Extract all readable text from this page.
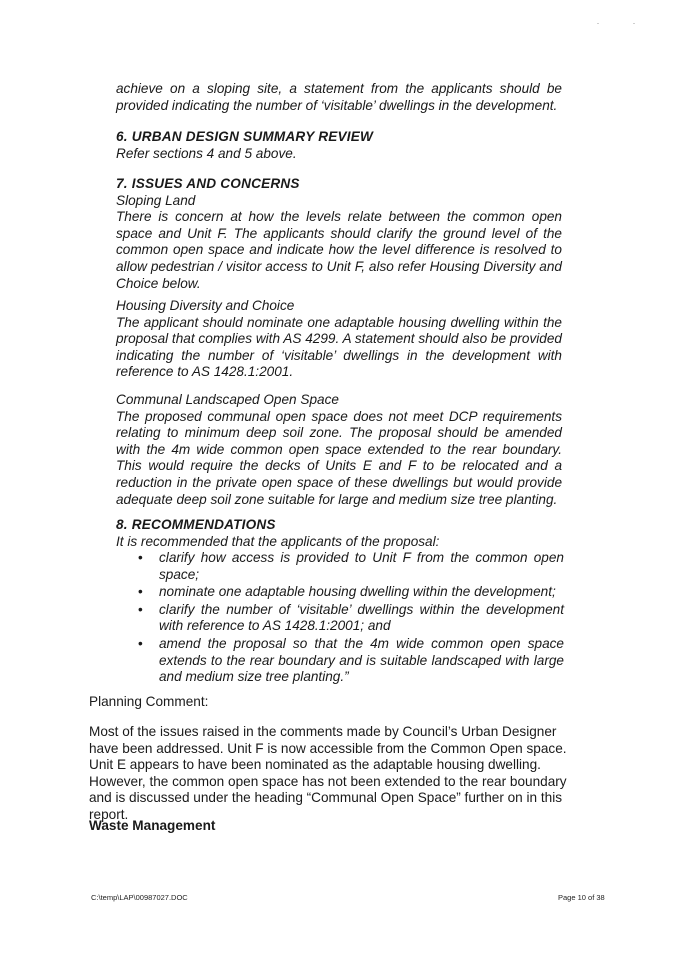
achieve on a sloping site, a statement from the applicants should be provided indicating the number of ‘visitable’ dwellings in the development.

6. URBAN DESIGN SUMMARY REVIEW

Refer sections 4 and 5 above.

7. ISSUES AND CONCERNS

Sloping Land

There is concern at how the levels relate between the common open space and Unit F. The applicants should clarify the ground level of the common open space and indicate how the level difference is resolved to allow pedestrian / visitor access to Unit F, also refer Housing Diversity and Choice below.

Housing Diversity and Choice

The applicant should nominate one adaptable housing dwelling within the proposal that complies with AS 4299. A statement should also be provided indicating the number of ‘visitable’ dwellings in the development with reference to AS 1428.1:2001.

Communal Landscaped Open Space

The proposed communal open space does not meet DCP requirements relating to minimum deep soil zone. The proposal should be amended with the 4m wide common open space extended to the rear boundary. This would require the decks of Units E and F to be relocated and a reduction in the private open space of these dwellings but would provide adequate deep soil zone suitable for large and medium size tree planting.

8. RECOMMENDATIONS

It is recommended that the applicants of the proposal:

• clarify how access is provided to Unit F from the common open space;
• nominate one adaptable housing dwelling within the development;
• clarify the number of ‘visitable’ dwellings within the development with reference to AS 1428.1:2001; and
• amend the proposal so that the 4m wide common open space extends to the rear boundary and is suitable landscaped with large and medium size tree planting.”

Planning Comment:

Most of the issues raised in the comments made by Council’s Urban Designer have been addressed. Unit F is now accessible from the Common Open space. Unit E appears to have been nominated as the adaptable housing dwelling. However, the common open space has not been extended to the rear boundary and is discussed under the heading “Communal Open Space” further on in this report.

Waste Management

C:\temp\LAP\00987027.DOC	Page 10 of 38
